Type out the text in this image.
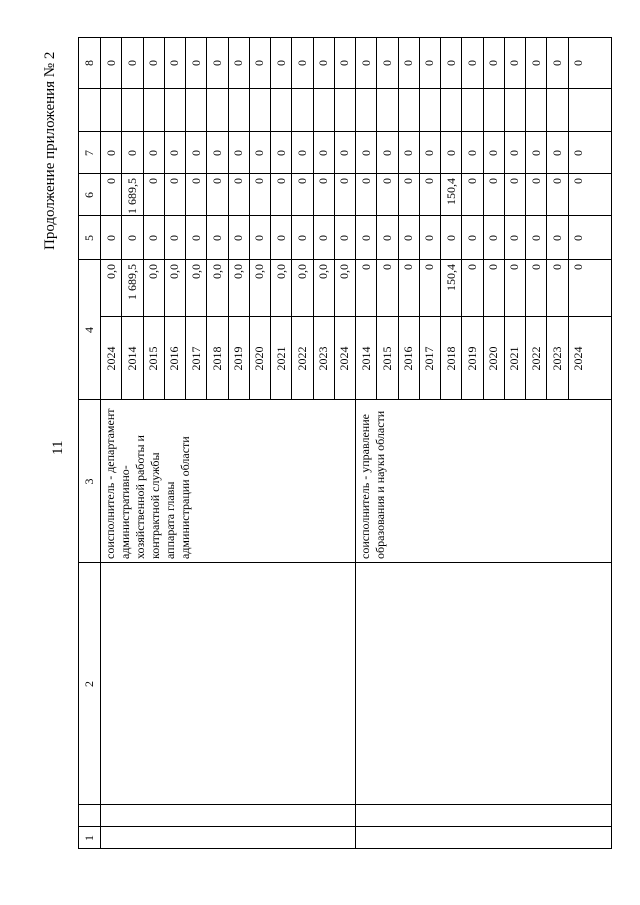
Продолжение приложения № 2
11
1
2
3
4
5
6
7
8
соисполнитель - департамент административно- хозяйственной работы и контрактной службы аппарата главы администрации области	соисполнитель - управление образования и науки области
2024
0,0
0
0
0
0
2014
1 689,5
0
1 689,5
0
0
2015
0,0
0
0
0
0
2016
0,0
0
0
0
0
2017
0,0
0
0
0
0
2018
0,0
0
0
0
0
2019
0,0
0
0
0
0
2020
0,0
0
0
0
0
2021
0,0
0
0
0
0
2022
0,0
0
0
0
0
2023
0,0
0
0
0
0
2024
0,0
0
0
0
0
2014
0
0
0
0
0
2015
0
0
0
0
0
2016
0
0
0
0
0
2017
0
0
0
0
0
2018
150,4
0
150,4
0
0
2019
0
0
0
0
0
2020
0
0
0
0
0
2021
0
0
0
0
0
2022
0
0
0
0
0
2023
0
0
0
0
0
2024
0
0
0
0
0
